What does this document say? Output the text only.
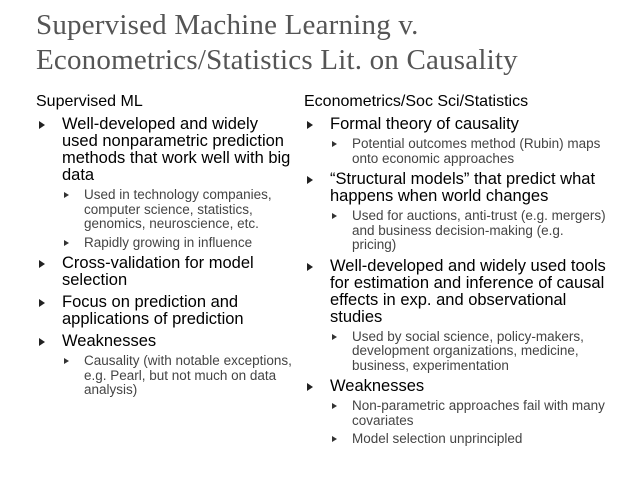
Supervised Machine Learning v. Econometrics/Statistics Lit. on Causality
Supervised ML
Well-developed and widely used nonparametric prediction methods that work well with big data
Used in technology companies, computer science, statistics, genomics, neuroscience, etc.
Rapidly growing in influence
Cross-validation for model selection
Focus on prediction and applications of prediction
Weaknesses
Causality (with notable exceptions, e.g. Pearl, but not much on data analysis)
Econometrics/Soc Sci/Statistics
Formal theory of causality
Potential outcomes method (Rubin) maps onto economic approaches
“Structural models” that predict what happens when world changes
Used for auctions, anti-trust (e.g. mergers) and business decision-making (e.g. pricing)
Well-developed and widely used tools for estimation and inference of causal effects in exp. and observational studies
Used by social science, policy-makers, development organizations, medicine, business, experimentation
Weaknesses
Non-parametric approaches fail with many covariates
Model selection unprincipled
